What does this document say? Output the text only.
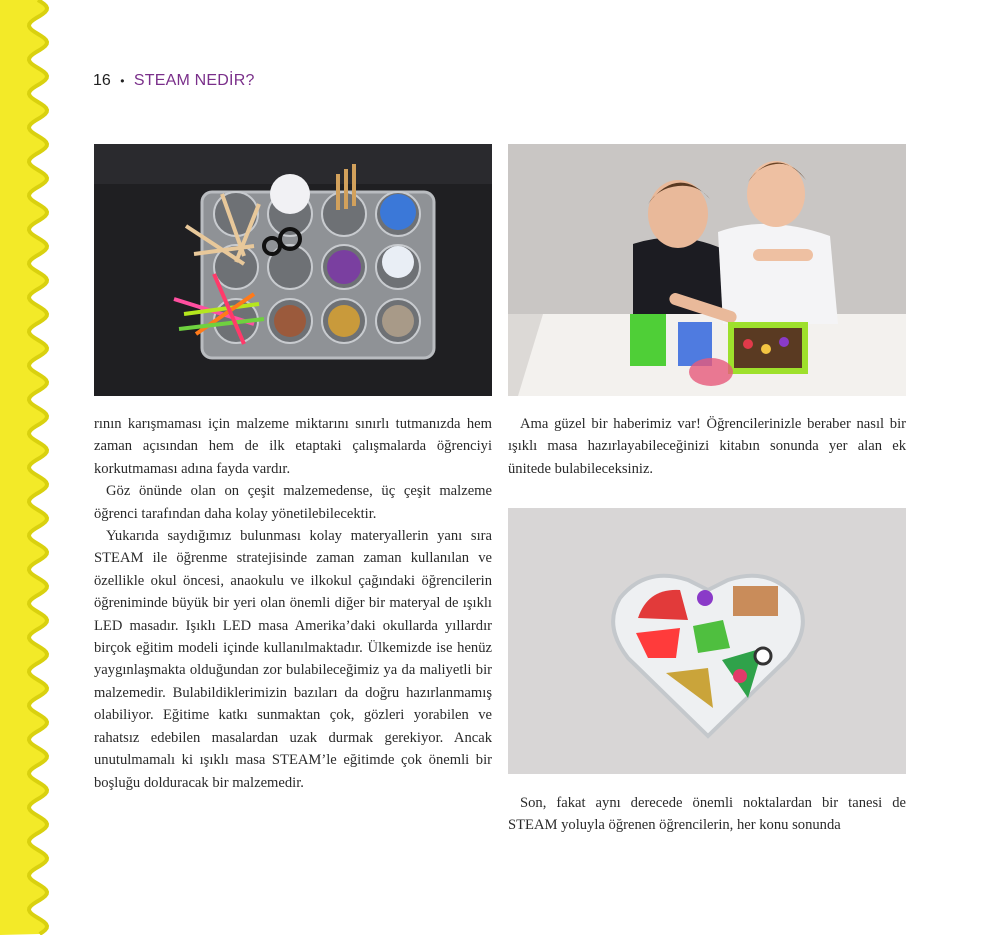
16 • STEAM NEDİR?

rının karışmaması için malzeme miktarını sınırlı tutmanızda hem zaman açısından hem de ilk etaptaki çalışmalarda öğrenciyi korkutmaması adına fayda vardır.

Göz önünde olan on çeşit malzemedense, üç çeşit malzeme öğrenci tarafından daha kolay yönetilebilecektir.

Yukarıda saydığımız bulunması kolay materyallerin yanı sıra STEAM ile öğrenme stratejisinde zaman zaman kullanılan ve özellikle okul öncesi, anaokulu ve ilkokul çağındaki öğrencilerin öğreniminde büyük bir yeri olan önemli diğer bir materyal de ışıklı LED masadır. Işıklı LED masa Amerika’daki okullarda yıllardır birçok eğitim modeli içinde kullanılmaktadır. Ülkemizde ise henüz yaygınlaşmakta olduğundan zor bulabileceğimiz ya da maliyetli bir malzemedir. Bulabildiklerimizin bazıları da doğru hazırlanmamış olabiliyor. Eğitime katkı sunmaktan çok, gözleri yorabilen ve rahatsız edebilen masalardan uzak durmak gerekiyor. Ancak unutulmamalı ki ışıklı masa STEAM’le eğitimde çok önemli bir boşluğu dolduracak bir malzemedir.

Ama güzel bir haberimiz var! Öğrencilerinizle beraber nasıl bir ışıklı masa hazırlayabileceğinizi kitabın sonunda yer alan ek ünitede bulabileceksiniz.

Son, fakat aynı derecede önemli noktalardan bir tanesi de STEAM yoluyla öğrenen öğrencilerin, her konu sonunda
